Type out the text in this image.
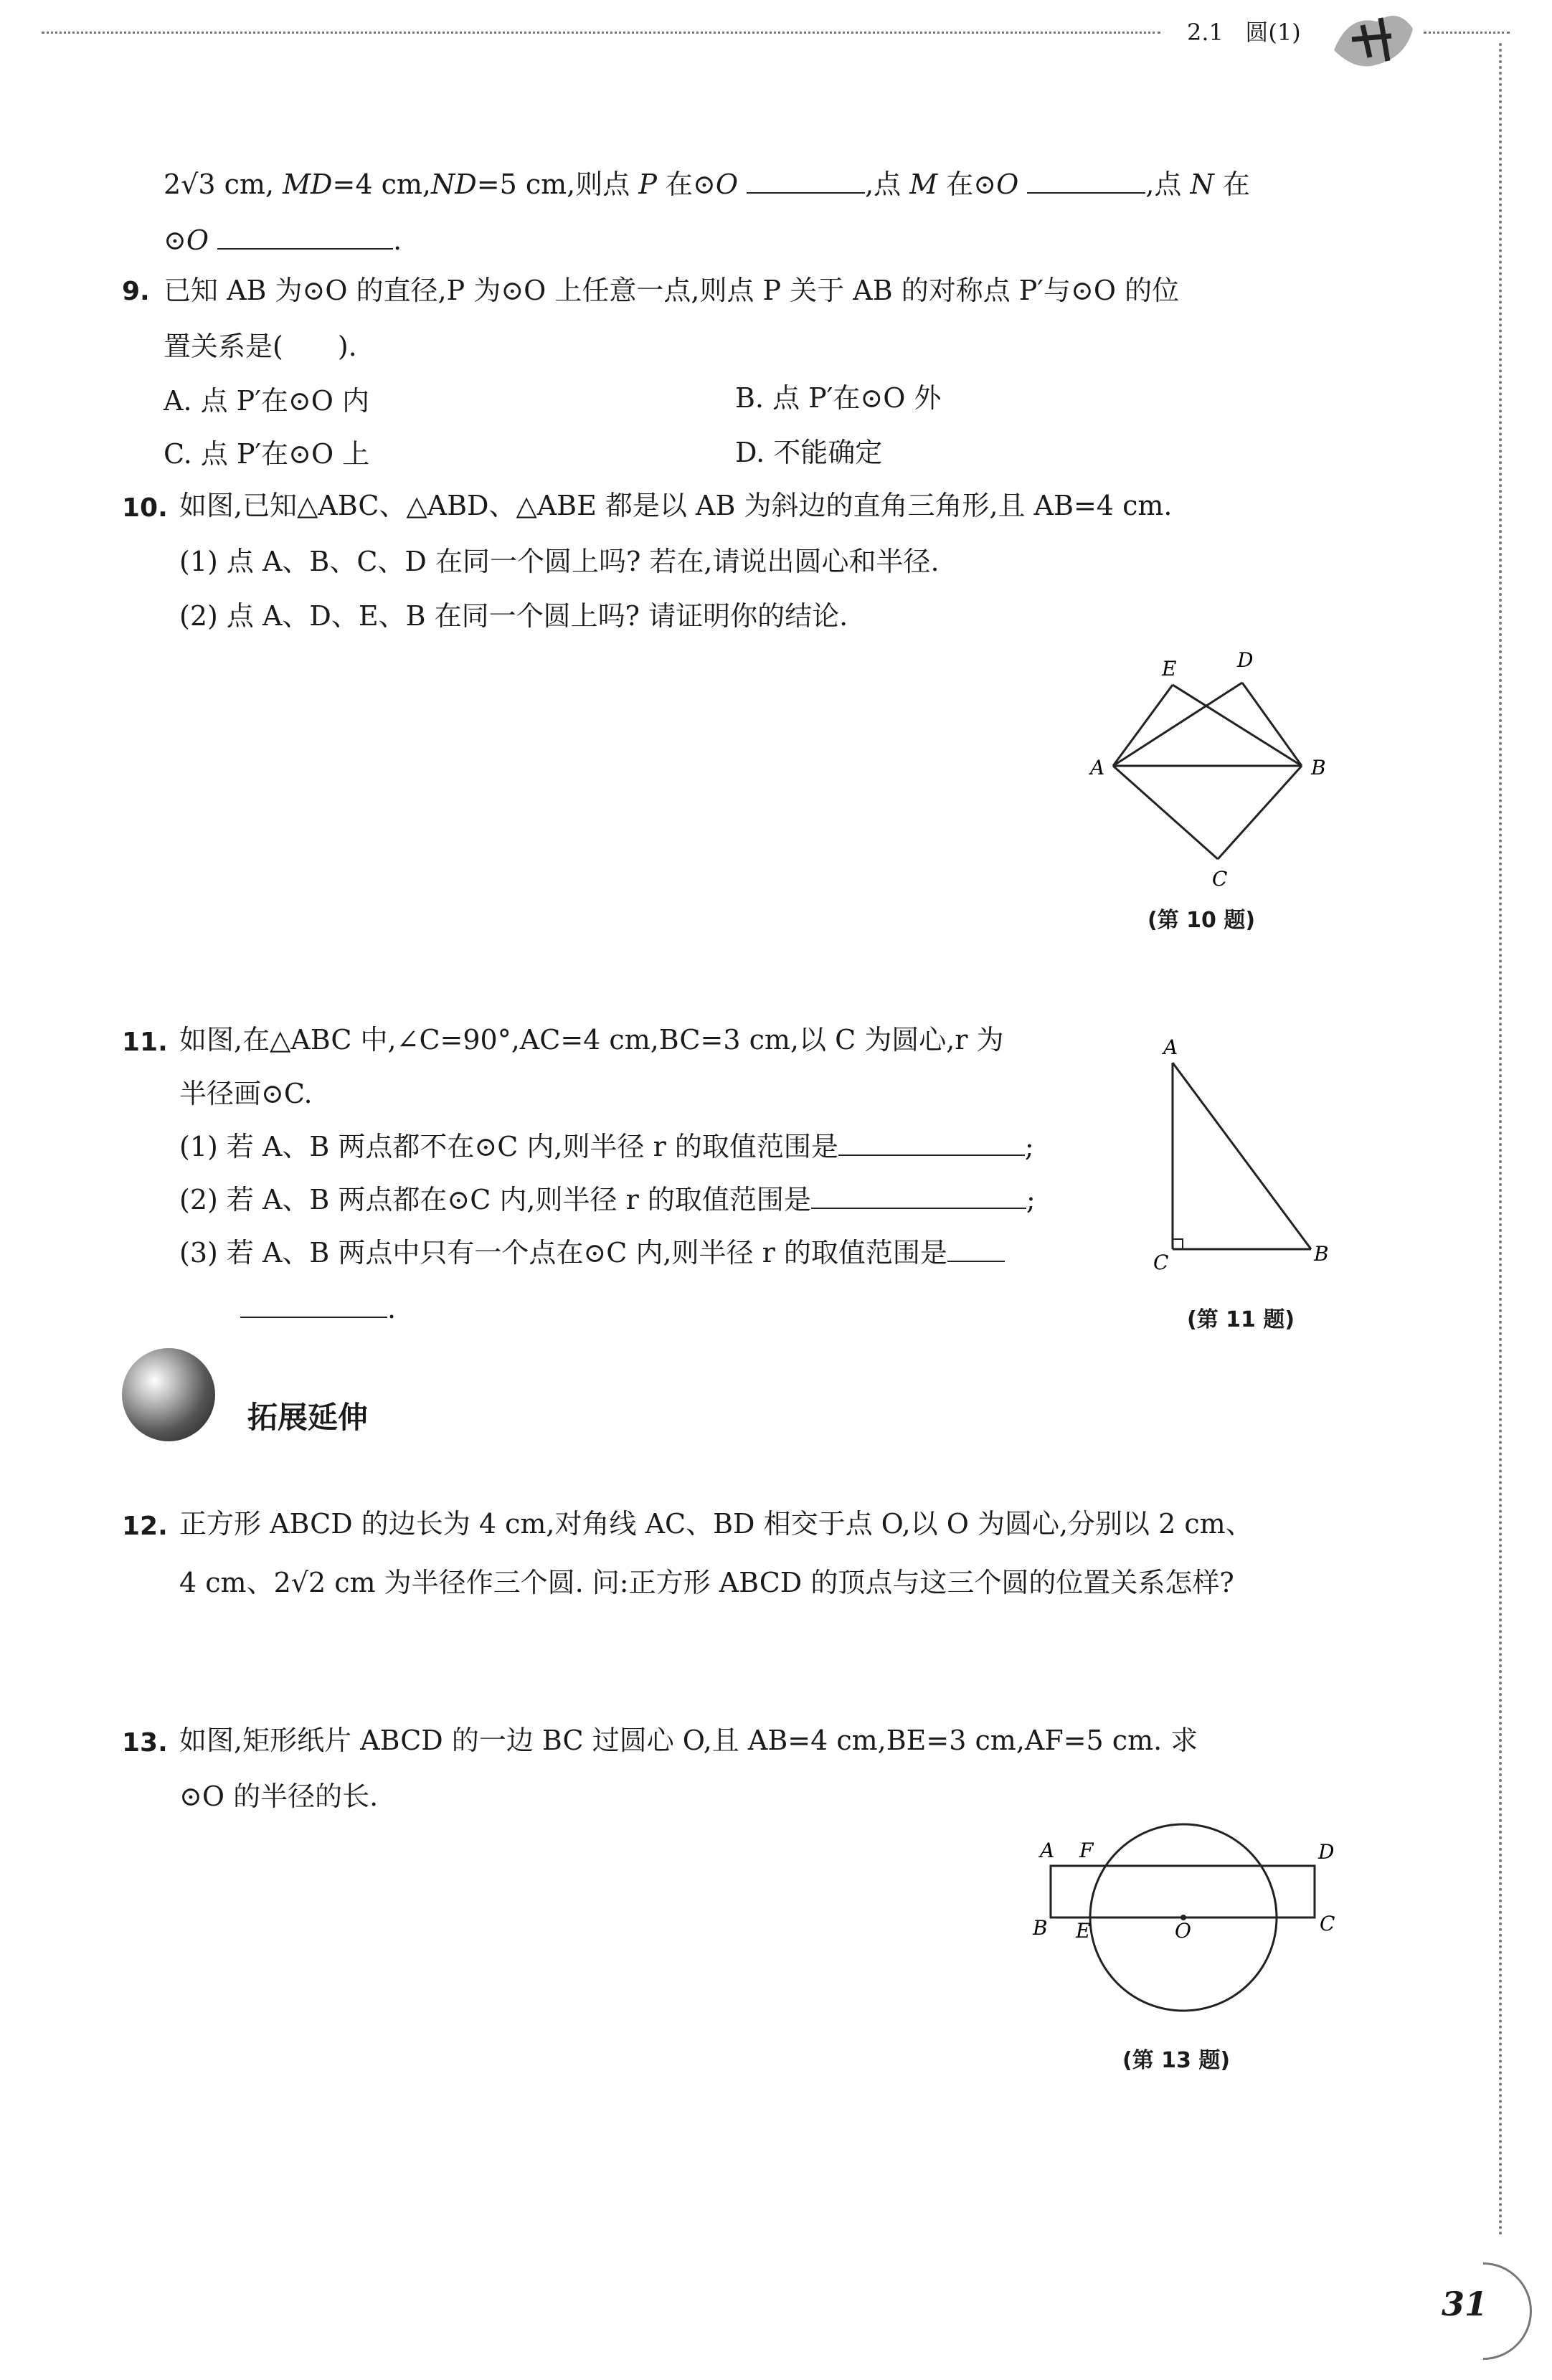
2.1 圆(1)
2√3 cm, MD=4 cm,ND=5 cm,则点 P 在⊙O	,点 M 在⊙O	,点 N 在
⊙O	.
9. 已知 AB 为⊙O 的直径,P 为⊙O 上任意一点,则点 P 关于 AB 的对称点 P′与⊙O 的位
置关系是(　　).
A. 点 P′在⊙O 内	B. 点 P′在⊙O 外
C. 点 P′在⊙O 上	D. 不能确定
10. 如图,已知△ABC、△ABD、△ABE 都是以 AB 为斜边的直角三角形,且 AB=4 cm.
(1) 点 A、B、C、D 在同一个圆上吗? 若在,请说出圆心和半径.
(2) 点 A、D、E、B 在同一个圆上吗? 请证明你的结论.
A	B
C
D
E
(第 10 题)
11. 如图,在△ABC 中,∠C=90°,AC=4 cm,BC=3 cm,以 C 为圆心,r 为
半径画⊙C.
(1) 若 A、B 两点都不在⊙C 内,则半径 r 的取值范围是	;
(2) 若 A、B 两点都在⊙C 内,则半径 r 的取值范围是	;
(3) 若 A、B 两点中只有一个点在⊙C 内,则半径 r 的取值范围是
.
A
C	B
(第 11 题)
拓展延伸
12. 正方形 ABCD 的边长为 4 cm,对角线 AC、BD 相交于点 O,以 O 为圆心,分别以 2 cm、
4 cm、2√2 cm 为半径作三个圆. 问:正方形 ABCD 的顶点与这三个圆的位置关系怎样?
13. 如图,矩形纸片 ABCD 的一边 BC 过圆心 O,且 AB=4 cm,BE=3 cm,AF=5 cm. 求
⊙O 的半径的长.
A F	D
B E	O	C
(第 13 题)
31
